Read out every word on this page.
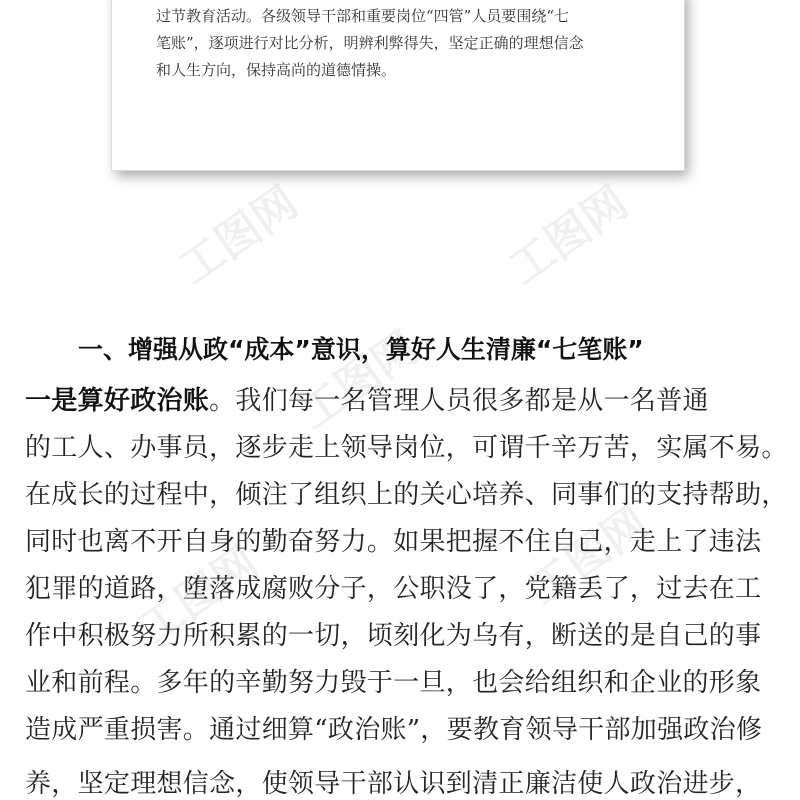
过节教育活动。各级领导干部和重要岗位“四管”人员要围绕“七

笔账”，逐项进行对比分析，明辨利弊得失，坚定正确的理想信念

和人生方向，保持高尚的道德情操。

工图网	工图网
工图网
工图网	工图网
一、增强从政“成本”意识，算好人生清廉“七笔账”

一是算好政治账。我们每一名管理人员很多都是从一名普通

的工人、办事员，逐步走上领导岗位，可谓千辛万苦，实属不易。

在成长的过程中，倾注了组织上的关心培养、同事们的支持帮助，

同时也离不开自身的勤奋努力。如果把握不住自己，走上了违法

犯罪的道路，堕落成腐败分子，公职没了，党籍丢了，过去在工

作中积极努力所积累的一切，顷刻化为乌有，断送的是自己的事

业和前程。多年的辛勤努力毁于一旦，也会给组织和企业的形象

造成严重损害。通过细算“政治账”，要教育领导干部加强政治修

养，坚定理想信念，使领导干部认识到清正廉洁使人政治进步，
